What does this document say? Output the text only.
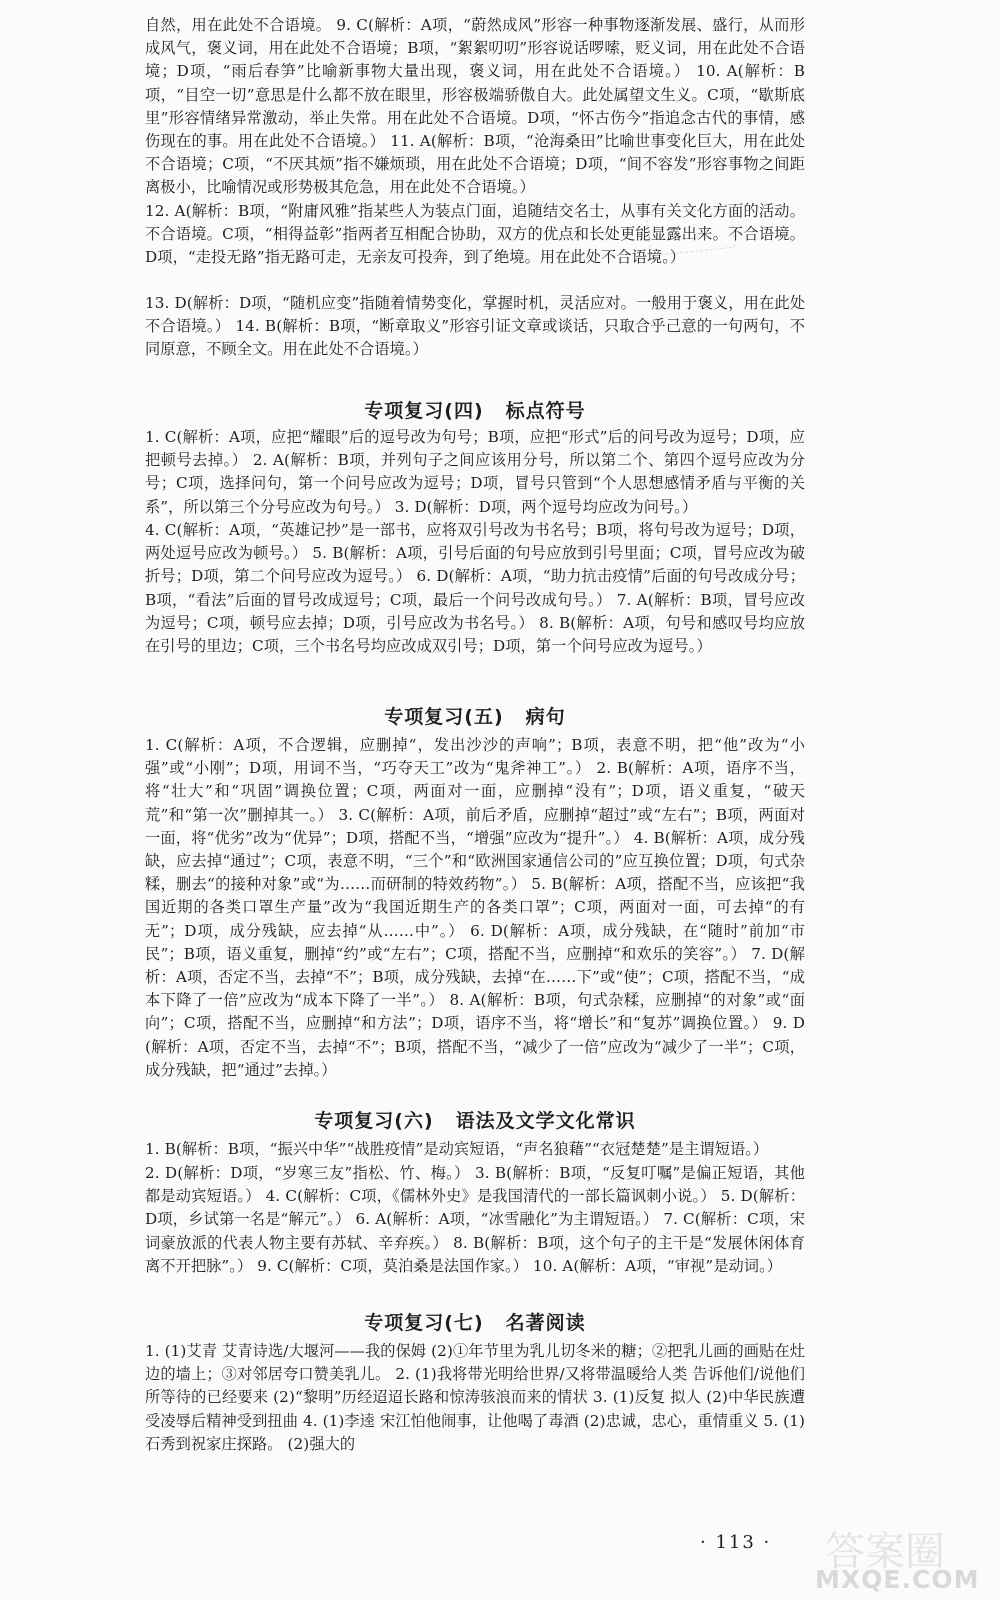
自然，用在此处不合语境。 9. C(解析：A项，“蔚然成风”形容一种事物逐渐发展、盛行，从而形成风气，褒义词，用在此处不合语境；B项，“絮絮叨叨”形容说话啰嗦，贬义词，用在此处不合语境；D项，“雨后春笋”比喻新事物大量出现，褒义词，用在此处不合语境。） 10. A(解析：B项，“目空一切”意思是什么都不放在眼里，形容极端骄傲自大。此处属望文生义。C项，“歇斯底里”形容情绪异常激动，举止失常。用在此处不合语境。D项，“怀古伤今”指追念古代的事情，感伤现在的事。用在此处不合语境。） 11. A(解析：B项，“沧海桑田”比喻世事变化巨大，用在此处不合语境；C项，“不厌其烦”指不嫌烦琐，用在此处不合语境；D项，“间不容发”形容事物之间距离极小，比喻情况或形势极其危急，用在此处不合语境。）

12. A(解析：B项，“附庸风雅”指某些人为装点门面，追随结交名士，从事有关文化方面的活动。不合语境。C项，“相得益彰”指两者互相配合协助，双方的优点和长处更能显露出来。不合语境。D项，“走投无路”指无路可走，无亲友可投奔，到了绝境。用在此处不合语境。）

13. D(解析：D项，“随机应变”指随着情势变化，掌握时机，灵活应对。一般用于褒义，用在此处不合语境。） 14. B(解析：B项，“断章取义”形容引证文章或谈话，只取合乎己意的一句两句，不同原意，不顾全文。用在此处不合语境。）

专项复习(四) 标点符号

1. C(解析：A项，应把“耀眼”后的逗号改为句号；B项，应把“形式”后的问号改为逗号；D项，应把顿号去掉。） 2. A(解析：B项，并列句子之间应该用分号，所以第二个、第四个逗号应改为分号；C项，选择问句，第一个问号应改为逗号；D项，冒号只管到“个人思想感情矛盾与平衡的关系”，所以第三个分号应改为句号。） 3. D(解析：D项，两个逗号均应改为问号。）

4. C(解析：A项，“英雄记抄”是一部书，应将双引号改为书名号；B项，将句号改为逗号；D项，两处逗号应改为顿号。） 5. B(解析：A项，引号后面的句号应放到引号里面；C项，冒号应改为破折号；D项，第二个问号应改为逗号。） 6. D(解析：A项，“助力抗击疫情”后面的句号改成分号；B项，“看法”后面的冒号改成逗号；C项，最后一个问号改成句号。） 7. A(解析：B项，冒号应改为逗号；C项，顿号应去掉；D项，引号应改为书名号。） 8. B(解析：A项，句号和感叹号均应放在引号的里边；C项，三个书名号均应改成双引号；D项，第一个问号应改为逗号。）

专项复习(五) 病句

1. C(解析：A项，不合逻辑，应删掉“，发出沙沙的声响”；B项，表意不明，把“他”改为“小强”或“小刚”；D项，用词不当，“巧夺天工”改为“鬼斧神工”。） 2. B(解析：A项，语序不当，将“壮大”和“巩固”调换位置；C项，两面对一面，应删掉“没有”；D项，语义重复，“破天荒”和“第一次”删掉其一。） 3. C(解析：A项，前后矛盾，应删掉“超过”或“左右”；B项，两面对一面，将“优劣”改为“优异”；D项，搭配不当，“增强”应改为“提升”。） 4. B(解析：A项，成分残缺，应去掉“通过”；C项，表意不明，“三个”和“欧洲国家通信公司的”应互换位置；D项，句式杂糅，删去“的接种对象”或“为……而研制的特效药物”。） 5. B(解析：A项，搭配不当，应该把“我国近期的各类口罩生产量”改为“我国近期生产的各类口罩”；C项，两面对一面，可去掉“的有无”；D项，成分残缺，应去掉“从……中”。） 6. D(解析：A项，成分残缺，在“随时”前加“市民”；B项，语义重复，删掉“约”或“左右”；C项，搭配不当，应删掉“和欢乐的笑容”。） 7. D(解析：A项，否定不当，去掉“不”；B项，成分残缺，去掉“在……下”或“使”；C项，搭配不当，“成本下降了一倍”应改为“成本下降了一半”。） 8. A(解析：B项，句式杂糅，应删掉“的对象”或“面向”；C项，搭配不当，应删掉“和方法”；D项，语序不当，将“增长”和“复苏”调换位置。） 9. D(解析：A项，否定不当，去掉“不”；B项，搭配不当，“减少了一倍”应改为“减少了一半”；C项，成分残缺，把“通过”去掉。）

专项复习(六) 语法及文学文化常识

1. B(解析：B项，“振兴中华”“战胜疫情”是动宾短语，“声名狼藉”“衣冠楚楚”是主谓短语。）

2. D(解析：D项，“岁寒三友”指松、竹、梅。） 3. B(解析：B项，“反复叮嘱”是偏正短语，其他都是动宾短语。） 4. C(解析：C项，《儒林外史》是我国清代的一部长篇讽刺小说。） 5. D(解析：D项，乡试第一名是“解元”。） 6. A(解析：A项，“冰雪融化”为主谓短语。） 7. C(解析：C项，宋词豪放派的代表人物主要有苏轼、辛弃疾。） 8. B(解析：B项，这个句子的主干是“发展休闲体育离不开把脉”。） 9. C(解析：C项，莫泊桑是法国作家。） 10. A(解析：A项，“审视”是动词。）

专项复习(七) 名著阅读

1. (1)艾青 艾青诗选/大堰河——我的保姆 (2)①年节里为乳儿切冬米的糖；②把乳儿画的画贴在灶边的墙上；③对邻居夸口赞美乳儿。 2. (1)我将带光明给世界/又将带温暖给人类 告诉他们/说他们所等待的已经要来 (2)“黎明”历经迢迢长路和惊涛骇浪而来的情状 3. (1)反复 拟人 (2)中华民族遭受凌辱后精神受到扭曲 4. (1)李逵 宋江怕他闹事，让他喝了毒酒 (2)忠诚，忠心，重情重义 5. (1)石秀到祝家庄探路。 (2)强大的

· 113 · 答案圈
MXQE.COM
